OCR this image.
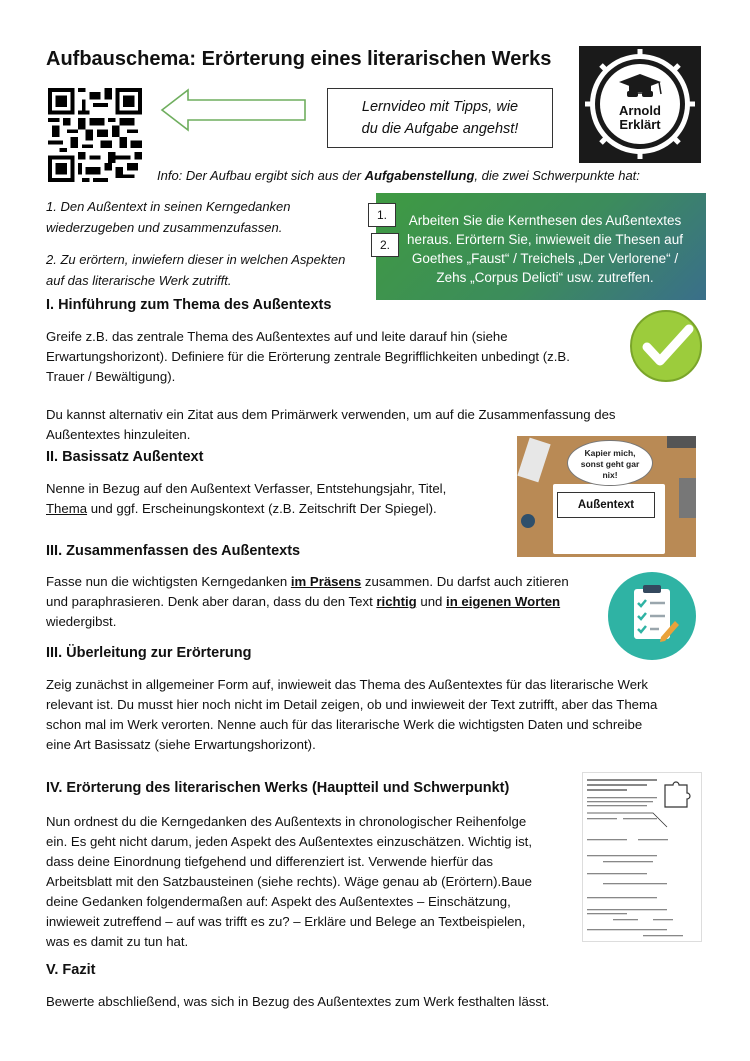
Aufbauschema: Erörterung eines literarischen Werks
Lernvideo mit Tipps, wie
du die Aufgabe angehst!
Arnold
Erklärt
Info: Der Aufbau ergibt sich aus der Aufgabenstellung, die zwei Schwerpunkte hat:
1. Den Außentext in seinen Kerngedanken
wiederzugeben und zusammenzufassen.
2. Zu erörtern, inwiefern dieser in welchen Aspekten
auf das literarische Werk zutrifft.
Arbeiten Sie die Kernthesen des Außentextes
heraus. Erörtern Sie, inwieweit die Thesen auf
Goethes „Faust“ / Treichels „Der Verlorene“ /
Zehs „Corpus Delicti“ usw. zutreffen.
1.
2.
I. Hinführung zum Thema des Außentexts
Greife z.B. das zentrale Thema des Außentextes auf und leite darauf hin (siehe
Erwartungshorizont). Definiere für die Erörterung zentrale Begrifflichkeiten unbedingt (z.B.
Trauer / Bewältigung).
Du kannst alternativ ein Zitat aus dem Primärwerk verwenden, um auf die Zusammenfassung des
Außentextes hinzuleiten.
II. Basissatz Außentext
Nenne in Bezug auf den Außentext Verfasser, Entstehungsjahr, Titel,
Thema und ggf. Erscheinungskontext (z.B. Zeitschrift Der Spiegel).
Kapier mich,
sonst geht gar
nix!
Außentext
III. Zusammenfassen des Außentexts
Fasse nun die wichtigsten Kerngedanken im Präsens zusammen. Du darfst auch zitieren
und paraphrasieren. Denk aber daran, dass du den Text richtig und in eigenen Worten
wiedergibst.
III. Überleitung zur Erörterung
Zeig zunächst in allgemeiner Form auf, inwieweit das Thema des Außentextes für das literarische Werk
relevant ist. Du musst hier noch nicht im Detail zeigen, ob und inwieweit der Text zutrifft, aber das Thema
schon mal im Werk verorten. Nenne auch für das literarische Werk die wichtigsten Daten und schreibe
eine Art Basissatz (siehe Erwartungshorizont).
IV. Erörterung des literarischen Werks (Hauptteil und Schwerpunkt)
Nun ordnest du die Kerngedanken des Außentexts in chronologischer Reihenfolge
ein. Es geht nicht darum, jeden Aspekt des Außentextes einzuschätzen. Wichtig ist,
dass deine Einordnung tiefgehend und differenziert ist. Verwende hierfür das
Arbeitsblatt mit den Satzbausteinen (siehe rechts). Wäge genau ab (Erörtern).Baue
deine Gedanken folgendermaßen auf: Aspekt des Außentextes – Einschätzung,
inwieweit zutreffend – auf was trifft es zu? – Erkläre und Belege an Textbeispielen,
was es damit zu tun hat.
V. Fazit
Bewerte abschließend, was sich in Bezug des Außentextes zum Werk festhalten lässt.
